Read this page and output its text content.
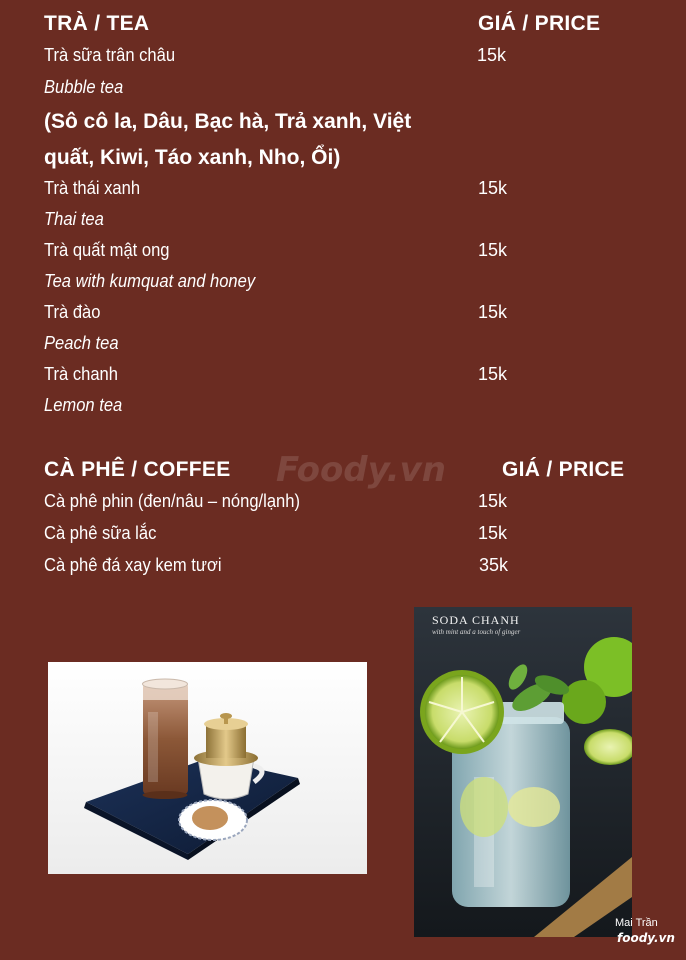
TRÀ / TEA	GIÁ / PRICE
Trà sữa trân châu	15k
Bubble tea
(Sô cô la, Dâu, Bạc hà, Trả xanh, Việt
quất, Kiwi, Táo xanh, Nho, Ổi)
Trà thái xanh	15k
Thai tea
Trà quất mật ong	15k
Tea with kumquat and honey
Trà đào	15k
Peach tea
Trà chanh	15k
Lemon tea
CÀ PHÊ / COFFEE	GIÁ / PRICE
Cà phê phin (đen/nâu – nóng/lạnh)	15k
Cà phê sữa lắc	15k
Cà phê đá xay kem tươi	35k
Foody.vn
SODA CHANH
with mint and a touch of ginger
Mai Trần
foody.vn
